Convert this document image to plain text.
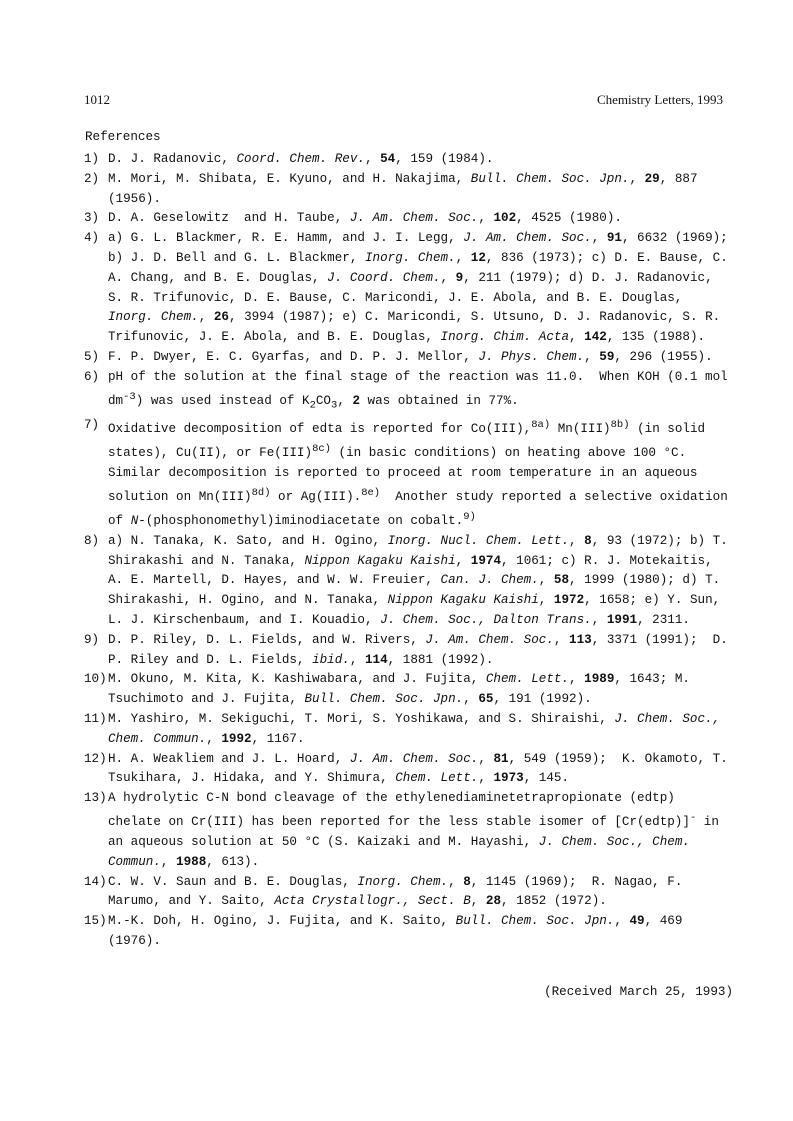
1012	Chemistry Letters, 1993
References
1) D. J. Radanovic, Coord. Chem. Rev., 54, 159 (1984).
2) M. Mori, M. Shibata, E. Kyuno, and H. Nakajima, Bull. Chem. Soc. Jpn., 29, 887 (1956).
3) D. A. Geselowitz  and H. Taube, J. Am. Chem. Soc., 102, 4525 (1980).
4) a) G. L. Blackmer, R. E. Hamm, and J. I. Legg, J. Am. Chem. Soc., 91, 6632 (1969); b) J. D. Bell and G. L. Blackmer, Inorg. Chem., 12, 836 (1973); c) D. E. Bause, C. A. Chang, and B. E. Douglas, J. Coord. Chem., 9, 211 (1979); d) D. J. Radanovic, S. R. Trifunovic, D. E. Bause, C. Maricondi, J. E. Abola, and B. E. Douglas, Inorg. Chem., 26, 3994 (1987); e) C. Maricondi, S. Utsuno, D. J. Radanovic, S. R. Trifunovic, J. E. Abola, and B. E. Douglas, Inorg. Chim. Acta, 142, 135 (1988).
5) F. P. Dwyer, E. C. Gyarfas, and D. P. J. Mellor, J. Phys. Chem., 59, 296 (1955).
6) pH of the solution at the final stage of the reaction was 11.0.  When KOH (0.1 mol $dm^{-3}$) was used instead of $K_2CO_3$, 2 was obtained in 77%.
7) Oxidative decomposition of edta is reported for Co(III),$^{8a)}$ Mn(III)$^{8b)}$ (in solid states), Cu(II), or Fe(III)$^{8c)}$ (in basic conditions) on heating above 100 °C.  Similar decomposition is reported to proceed at room temperature in an aqueous solution on Mn(III)$^{8d)}$ or Ag(III).$^{8e)}$  Another study reported a selective oxidation of N-(phosphonomethyl)iminodiacetate on cobalt.$^{9)}$
8) a) N. Tanaka, K. Sato, and H. Ogino, Inorg. Nucl. Chem. Lett., 8, 93 (1972); b) T. Shirakashi and N. Tanaka, Nippon Kagaku Kaishi, 1974, 1061; c) R. J. Motekaitis, A. E. Martell, D. Hayes, and W. W. Freuier, Can. J. Chem., 58, 1999 (1980); d) T. Shirakashi, H. Ogino, and N. Tanaka, Nippon Kagaku Kaishi, 1972, 1658; e) Y. Sun, L. J. Kirschenbaum, and I. Kouadio, J. Chem. Soc., Dalton Trans., 1991, 2311.
9) D. P. Riley, D. L. Fields, and W. Rivers, J. Am. Chem. Soc., 113, 3371 (1991);  D. P. Riley and D. L. Fields, ibid., 114, 1881 (1992).
10) M. Okuno, M. Kita, K. Kashiwabara, and J. Fujita, Chem. Lett., 1989, 1643; M. Tsuchimoto and J. Fujita, Bull. Chem. Soc. Jpn., 65, 191 (1992).
11) M. Yashiro, M. Sekiguchi, T. Mori, S. Yoshikawa, and S. Shiraishi, J. Chem. Soc., Chem. Commun., 1992, 1167.
12) H. A. Weakliem and J. L. Hoard, J. Am. Chem. Soc., 81, 549 (1959);  K. Okamoto, T. Tsukihara, J. Hidaka, and Y. Shimura, Chem. Lett., 1973, 145.
13) A hydrolytic C-N bond cleavage of the ethylenediaminetetrapropionate (edtp) chelate on Cr(III) has been reported for the less stable isomer of [Cr(edtp)]- in an aqueous solution at 50 °C (S. Kaizaki and M. Hayashi, J. Chem. Soc., Chem. Commun., 1988, 613).
14) C. W. V. Saun and B. E. Douglas, Inorg. Chem., 8, 1145 (1969);  R. Nagao, F. Marumo, and Y. Saito, Acta Crystallogr., Sect. B, 28, 1852 (1972).
15) M.-K. Doh, H. Ogino, J. Fujita, and K. Saito, Bull. Chem. Soc. Jpn., 49, 469 (1976).
(Received March 25, 1993)
